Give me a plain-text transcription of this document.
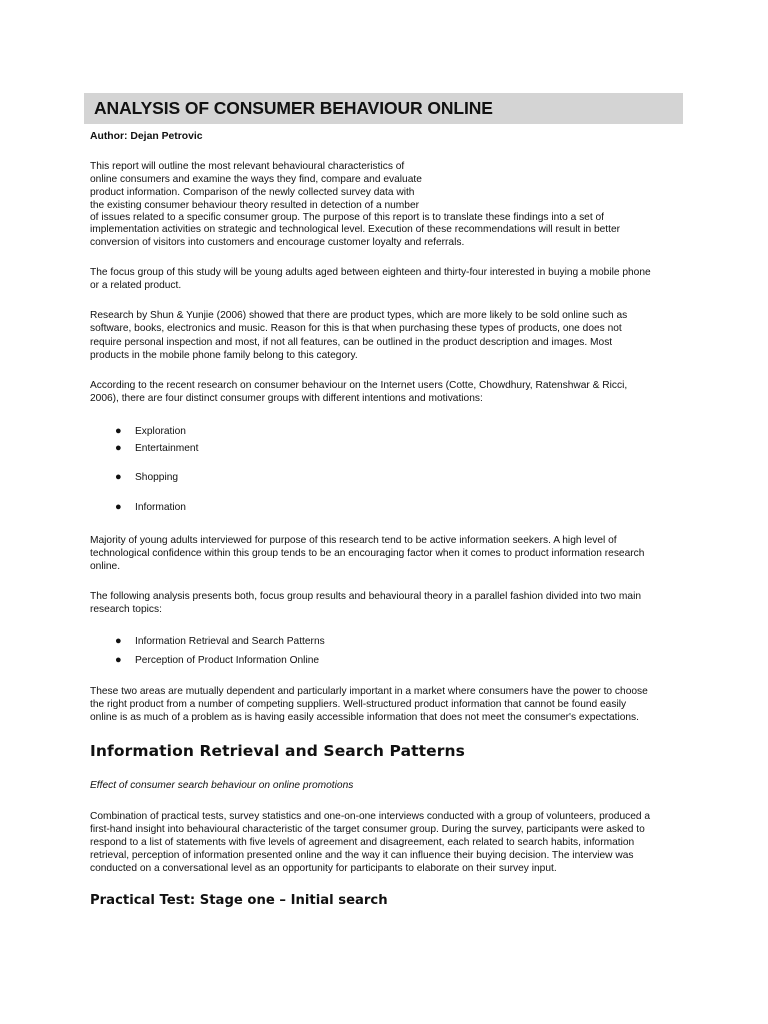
ANALYSIS OF CONSUMER BEHAVIOUR ONLINE

Author: Dejan Petrovic

This report will outline the most relevant behavioural characteristics of
online consumers and examine the ways they find, compare and evaluate
product information. Comparison of the newly collected survey data with
the existing consumer behaviour theory resulted in detection of a number
of issues related to a specific consumer group. The purpose of this report is to translate these findings into a set of
implementation activities on strategic and technological level. Execution of these recommendations will result in better
conversion of visitors into customers and encourage customer loyalty and referrals.
The focus group of this study will be young adults aged between eighteen and thirty-four interested in buying a mobile phone
or a related product.
Research by Shun & Yunjie (2006) showed that there are product types, which are more likely to be sold online such as
software, books, electronics and music. Reason for this is that when purchasing these types of products, one does not
require personal inspection and most, if not all features, can be outlined in the product description and images. Most
products in the mobile phone family belong to this category.
According to the recent research on consumer behaviour on the Internet users (Cotte, Chowdhury, Ratenshwar & Ricci,
2006), there are four distinct consumer groups with different intentions and motivations:
● Exploration
● Entertainment
● Shopping
● Information
Majority of young adults interviewed for purpose of this research tend to be active information seekers. A high level of
technological confidence within this group tends to be an encouraging factor when it comes to product information research
online.
The following analysis presents both, focus group results and behavioural theory in a parallel fashion divided into two main
research topics:
● Information Retrieval and Search Patterns
● Perception of Product Information Online
These two areas are mutually dependent and particularly important in a market where consumers have the power to choose
the right product from a number of competing suppliers. Well-structured product information that cannot be found easily
online is as much of a problem as is having easily accessible information that does not meet the consumer's expectations.
Information Retrieval and Search Patterns

Effect of consumer search behaviour on online promotions

Combination of practical tests, survey statistics and one-on-one interviews conducted with a group of volunteers, produced a
first-hand insight into behavioural characteristic of the target consumer group. During the survey, participants were asked to
respond to a list of statements with five levels of agreement and disagreement, each related to search habits, information
retrieval, perception of information presented online and the way it can influence their buying decision. The interview was
conducted on a conversational level as an opportunity for participants to elaborate on their survey input.
Practical Test: Stage one – Initial search
